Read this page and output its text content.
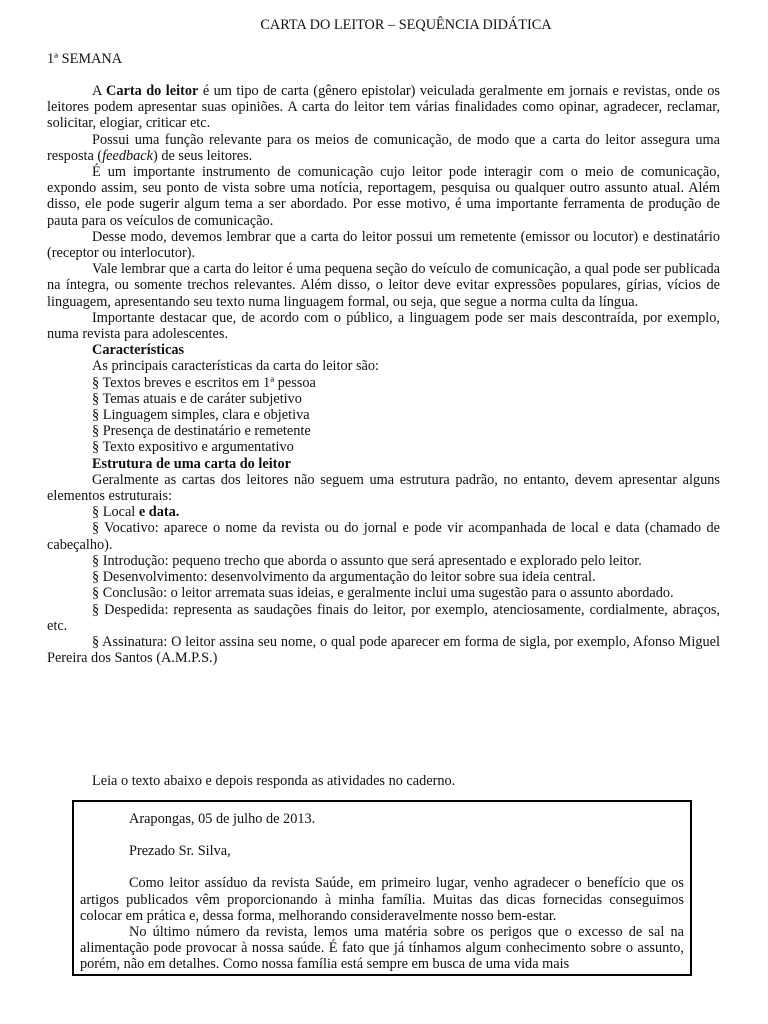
CARTA DO LEITOR – SEQUÊNCIA DIDÁTICA
1ª SEMANA

A Carta do leitor é um tipo de carta (gênero epistolar) veiculada geralmente em jornais e revistas, onde os leitores podem apresentar suas opiniões. A carta do leitor tem várias finalidades como opinar, agradecer, reclamar, solicitar, elogiar, criticar etc.

Possui uma função relevante para os meios de comunicação, de modo que a carta do leitor assegura uma resposta (feedback) de seus leitores.

É um importante instrumento de comunicação cujo leitor pode interagir com o meio de comunicação, expondo assim, seu ponto de vista sobre uma notícia, reportagem, pesquisa ou qualquer outro assunto atual. Além disso, ele pode sugerir algum tema a ser abordado. Por esse motivo, é uma importante ferramenta de produção de pauta para os veículos de comunicação.

Desse modo, devemos lembrar que a carta do leitor possui um remetente (emissor ou locutor) e destinatário (receptor ou interlocutor).

Vale lembrar que a carta do leitor é uma pequena seção do veículo de comunicação, a qual pode ser publicada na íntegra, ou somente trechos relevantes. Além disso, o leitor deve evitar expressões populares, gírias, vícios de linguagem, apresentando seu texto numa linguagem formal, ou seja, que segue a norma culta da língua.

Importante destacar que, de acordo com o público, a linguagem pode ser mais descontraída, por exemplo, numa revista para adolescentes.

Características

As principais características da carta do leitor são:

§ Textos breves e escritos em 1ª pessoa

§ Temas atuais e de caráter subjetivo

§ Linguagem simples, clara e objetiva

§ Presença de destinatário e remetente

§ Texto expositivo e argumentativo

Estrutura de uma carta do leitor

Geralmente as cartas dos leitores não seguem uma estrutura padrão, no entanto, devem apresentar alguns elementos estruturais:

§ Local e data.

§ Vocativo: aparece o nome da revista ou do jornal e pode vir acompanhada de local e data (chamado de cabeçalho).

§ Introdução: pequeno trecho que aborda o assunto que será apresentado e explorado pelo leitor.

§ Desenvolvimento: desenvolvimento da argumentação do leitor sobre sua ideia central.

§ Conclusão: o leitor arremata suas ideias, e geralmente inclui uma sugestão para o assunto abordado.

§ Despedida: representa as saudações finais do leitor, por exemplo, atenciosamente, cordialmente, abraços, etc.

§ Assinatura: O leitor assina seu nome, o qual pode aparecer em forma de sigla, por exemplo, Afonso Miguel Pereira dos Santos (A.M.P.S.)

Leia o texto abaixo e depois responda as atividades no caderno.

Arapongas, 05 de julho de 2013.

Prezado Sr. Silva,

Como leitor assíduo da revista Saúde, em primeiro lugar, venho agradecer o benefício que os artigos publicados vêm proporcionando à minha família. Muitas das dicas fornecidas conseguimos colocar em prática e, dessa forma, melhorando consideravelmente nosso bem-estar.

No último número da revista, lemos uma matéria sobre os perigos que o excesso de sal na alimentação pode provocar à nossa saúde. É fato que já tínhamos algum conhecimento sobre o assunto, porém, não em detalhes. Como nossa família está sempre em busca de uma vida mais
